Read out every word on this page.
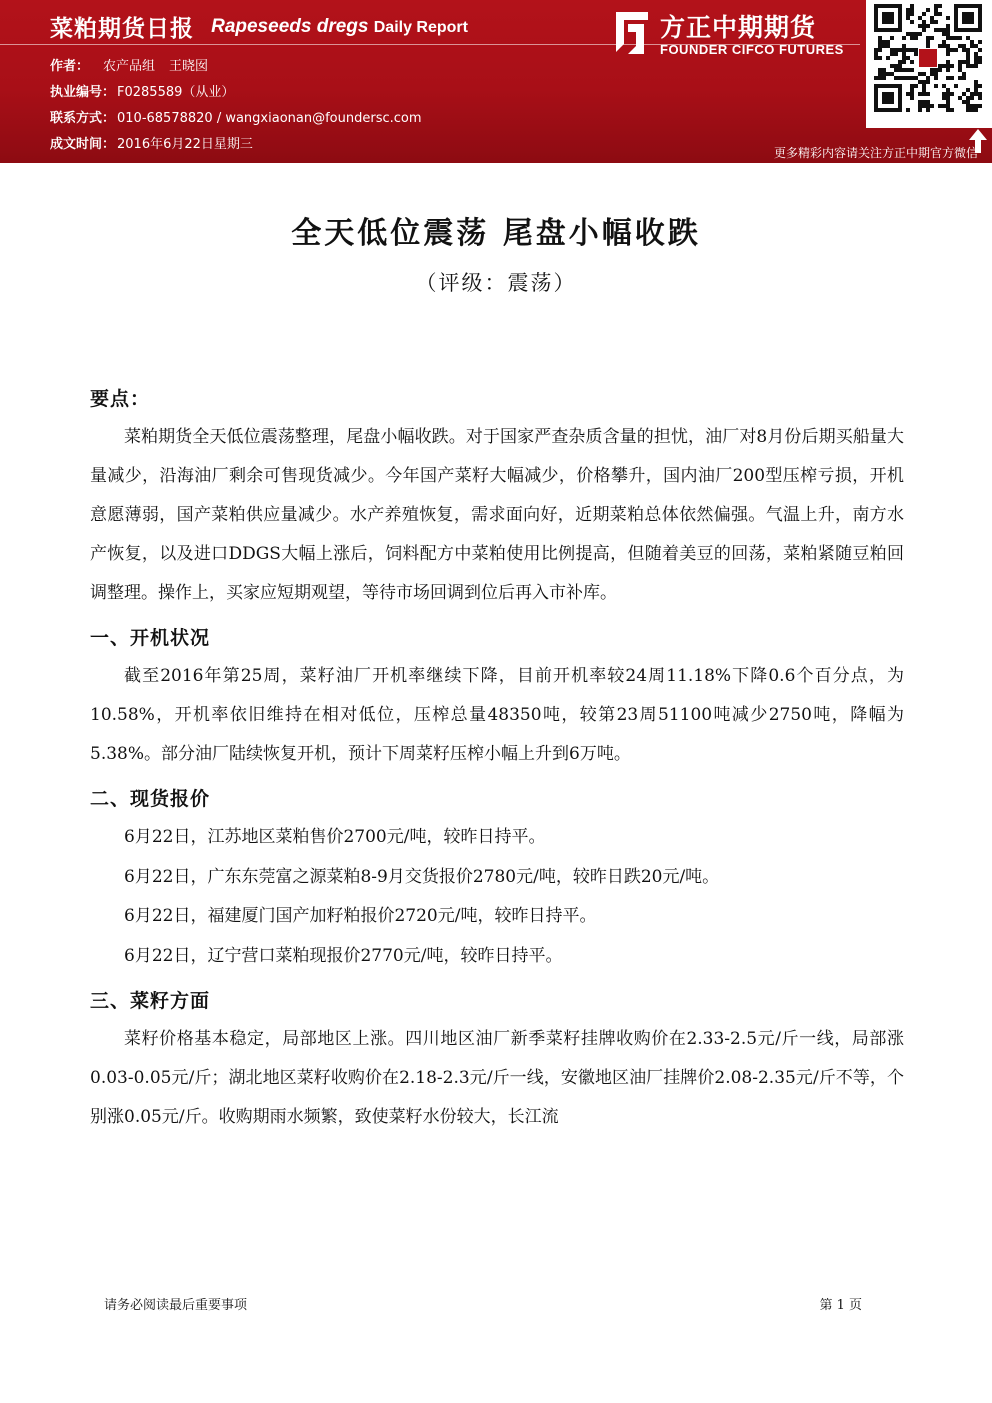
菜粕期货日报 Rapeseeds dregs Daily Report
作者： 农产品组 王晓囡
执业编号： F0285589（从业）
联系方式： 010-68578820 / wangxiaonan@foundersc.com
成文时间： 2016年6月22日星期三
方正中期期货
FOUNDER CIFCO FUTURES
更多精彩内容请关注方正中期官方微信
全天低位震荡 尾盘小幅收跌
（评级：震荡）
要点：

菜粕期货全天低位震荡整理，尾盘小幅收跌。对于国家严查杂质含量的担忧，油厂对8月份后期买船量大量减少，沿海油厂剩余可售现货减少。今年国产菜籽大幅减少，价格攀升，国内油厂200型压榨亏损，开机意愿薄弱，国产菜粕供应量减少。水产养殖恢复，需求面向好，近期菜粕总体依然偏强。气温上升，南方水产恢复，以及进口DDGS大幅上涨后，饲料配方中菜粕使用比例提高，但随着美豆的回荡，菜粕紧随豆粕回调整理。操作上，买家应短期观望，等待市场回调到位后再入市补库。

一、开机状况

截至2016年第25周，菜籽油厂开机率继续下降，目前开机率较24周11.18%下降0.6个百分点，为10.58%，开机率依旧维持在相对低位，压榨总量48350吨，较第23周51100吨减少2750吨，降幅为5.38%。部分油厂陆续恢复开机，预计下周菜籽压榨小幅上升到6万吨。

二、现货报价

6月22日，江苏地区菜粕售价2700元/吨，较昨日持平。

6月22日，广东东莞富之源菜粕8-9月交货报价2780元/吨，较昨日跌20元/吨。

6月22日，福建厦门国产加籽粕报价2720元/吨，较昨日持平。

6月22日，辽宁营口菜粕现报价2770元/吨，较昨日持平。

三、菜籽方面

菜籽价格基本稳定，局部地区上涨。四川地区油厂新季菜籽挂牌收购价在2.33-2.5元/斤一线，局部涨0.03-0.05元/斤；湖北地区菜籽收购价在2.18-2.3元/斤一线，安徽地区油厂挂牌价2.08-2.35元/斤不等，个别涨0.05元/斤。收购期雨水频繁，致使菜籽水份较大，长江流

请务必阅读最后重要事项	第 1 页
